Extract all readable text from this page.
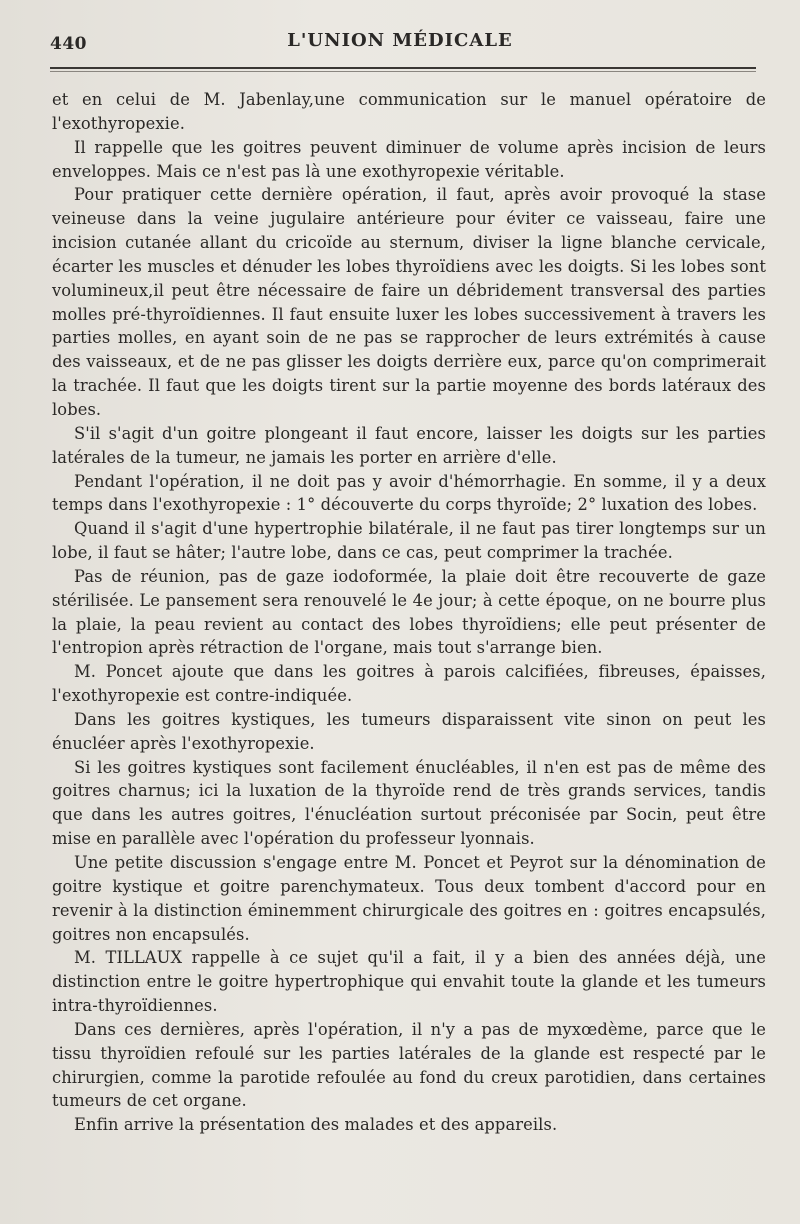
440	L'UNION MÉDICALE

et en celui de M. Jabenlay,une communication sur le manuel opératoire de l'exothyropexie.

Il rappelle que les goitres peuvent diminuer de volume après incision de leurs enveloppes. Mais ce n'est pas là une exothyropexie véritable.

Pour pratiquer cette dernière opération, il faut, après avoir provoqué la stase veineuse dans la veine jugulaire antérieure pour éviter ce vaisseau, faire une incision cutanée allant du cricoïde au sternum, diviser la ligne blanche cervicale, écarter les muscles et dénuder les lobes thyroïdiens avec les doigts. Si les lobes sont volumineux,il peut être nécessaire de faire un débridement transversal des parties molles pré-thyroïdiennes. Il faut ensuite luxer les lobes successivement à travers les parties molles, en ayant soin de ne pas se rapprocher de leurs extrémités à cause des vaisseaux, et de ne pas glisser les doigts derrière eux, parce qu'on comprimerait la trachée. Il faut que les doigts tirent sur la partie moyenne des bords latéraux des lobes.

S'il s'agit d'un goitre plongeant il faut encore, laisser les doigts sur les parties latérales de la tumeur, ne jamais les porter en arrière d'elle.

Pendant l'opération, il ne doit pas y avoir d'hémorrhagie. En somme, il y a deux temps dans l'exothyropexie : 1° découverte du corps thyroïde; 2° luxation des lobes.

Quand il s'agit d'une hypertrophie bilatérale, il ne faut pas tirer longtemps sur un lobe, il faut se hâter; l'autre lobe, dans ce cas, peut comprimer la trachée.

Pas de réunion, pas de gaze iodoformée, la plaie doit être recouverte de gaze stérilisée. Le pansement sera renouvelé le 4e jour; à cette époque, on ne bourre plus la plaie, la peau revient au contact des lobes thyroïdiens; elle peut présenter de l'entropion après rétraction de l'organe, mais tout s'arrange bien.

M. Poncet ajoute que dans les goitres à parois calcifiées, fibreuses, épaisses, l'exothyropexie est contre-indiquée.

Dans les goitres kystiques, les tumeurs disparaissent vite sinon on peut les énucléer après l'exothyropexie.

Si les goitres kystiques sont facilement énucléables, il n'en est pas de même des goitres charnus; ici la luxation de la thyroïde rend de très grands services, tandis que dans les autres goitres, l'énucléation surtout préconisée par Socin, peut être mise en parallèle avec l'opération du professeur lyonnais.

Une petite discussion s'engage entre M. Poncet et Peyrot sur la dénomination de goitre kystique et goitre parenchymateux. Tous deux tombent d'accord pour en revenir à la distinction éminemment chirurgicale des goitres en : goitres encapsulés, goitres non encapsulés.

M. TILLAUX rappelle à ce sujet qu'il a fait, il y a bien des années déjà, une distinction entre le goitre hypertrophique qui envahit toute la glande et les tumeurs intra-thyroïdiennes.

Dans ces dernières, après l'opération, il n'y a pas de myxœdème, parce que le tissu thyroïdien refoulé sur les parties latérales de la glande est respecté par le chirurgien, comme la parotide refoulée au fond du creux parotidien, dans certaines tumeurs de cet organe.

Enfin arrive la présentation des malades et des appareils.
